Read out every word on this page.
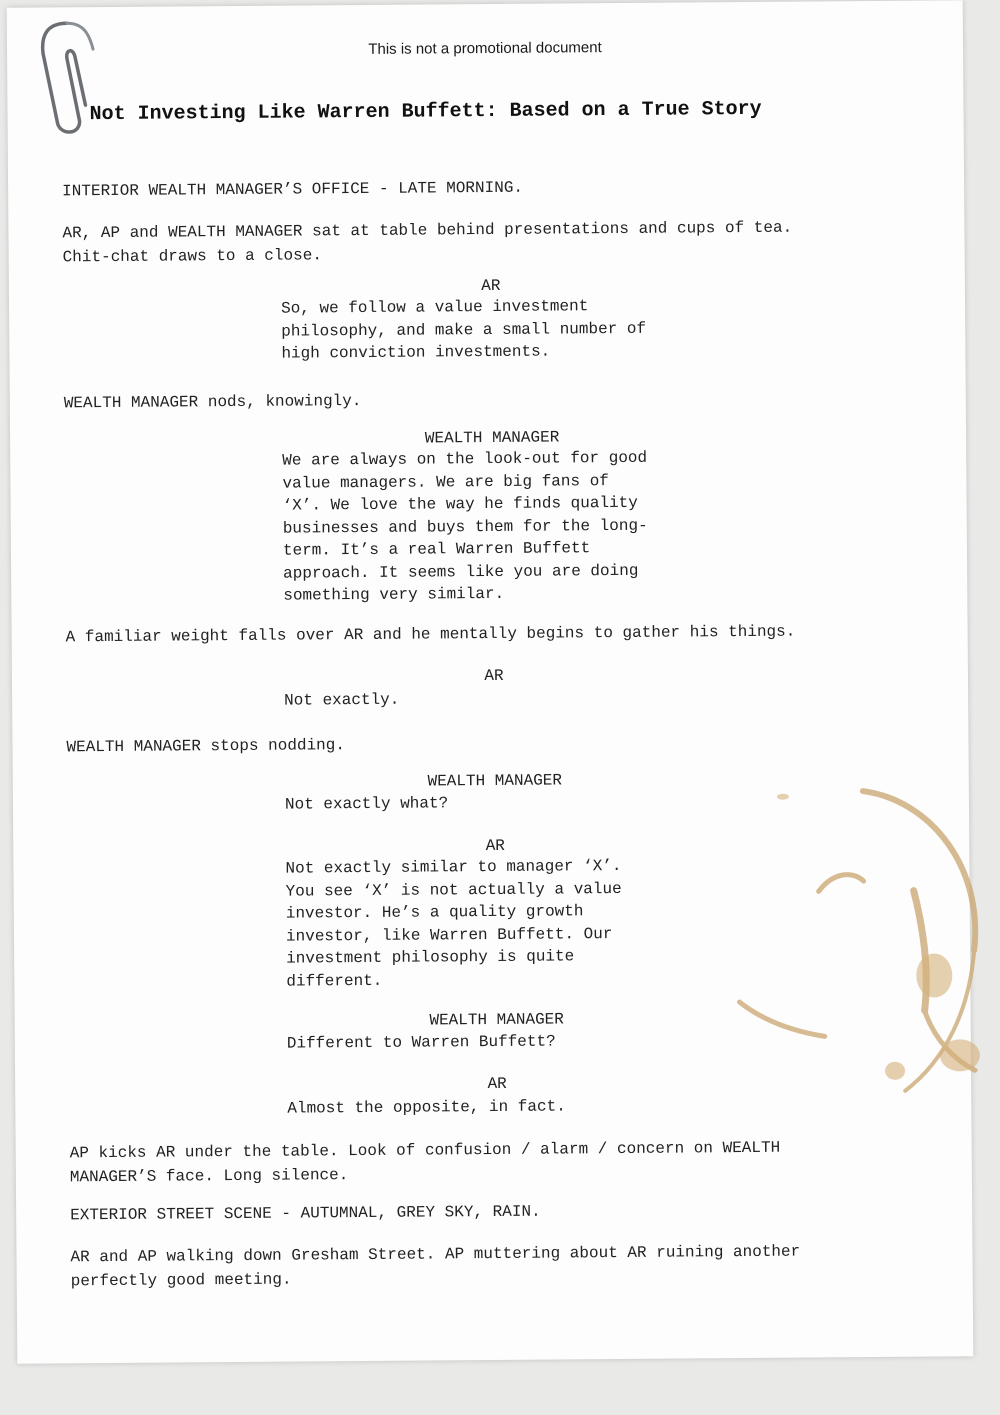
This is not a promotional document
Not Investing Like Warren Buffett: Based on a True Story
INTERIOR WEALTH MANAGER’S OFFICE - LATE MORNING.
AR, AP and WEALTH MANAGER sat at table behind presentations and cups of tea.
Chit-chat draws to a close.
AR
So, we follow a value investment
philosophy, and make a small number of
high conviction investments.
WEALTH MANAGER nods, knowingly.
WEALTH MANAGER
We are always on the look-out for good
value managers. We are big fans of
‘X’. We love the way he finds quality
businesses and buys them for the long-
term. It’s a real Warren Buffett
approach. It seems like you are doing
something very similar.
A familiar weight falls over AR and he mentally begins to gather his things.
AR
Not exactly.
WEALTH MANAGER stops nodding.
WEALTH MANAGER
Not exactly what?
AR
Not exactly similar to manager ‘X’.
You see ‘X’ is not actually a value
investor. He’s a quality growth
investor, like Warren Buffett. Our
investment philosophy is quite
different.
WEALTH MANAGER
Different to Warren Buffett?
AR
Almost the opposite, in fact.
AP kicks AR under the table. Look of confusion / alarm / concern on WEALTH
MANAGER’S face. Long silence.
EXTERIOR STREET SCENE - AUTUMNAL, GREY SKY, RAIN.
AR and AP walking down Gresham Street. AP muttering about AR ruining another
perfectly good meeting.
